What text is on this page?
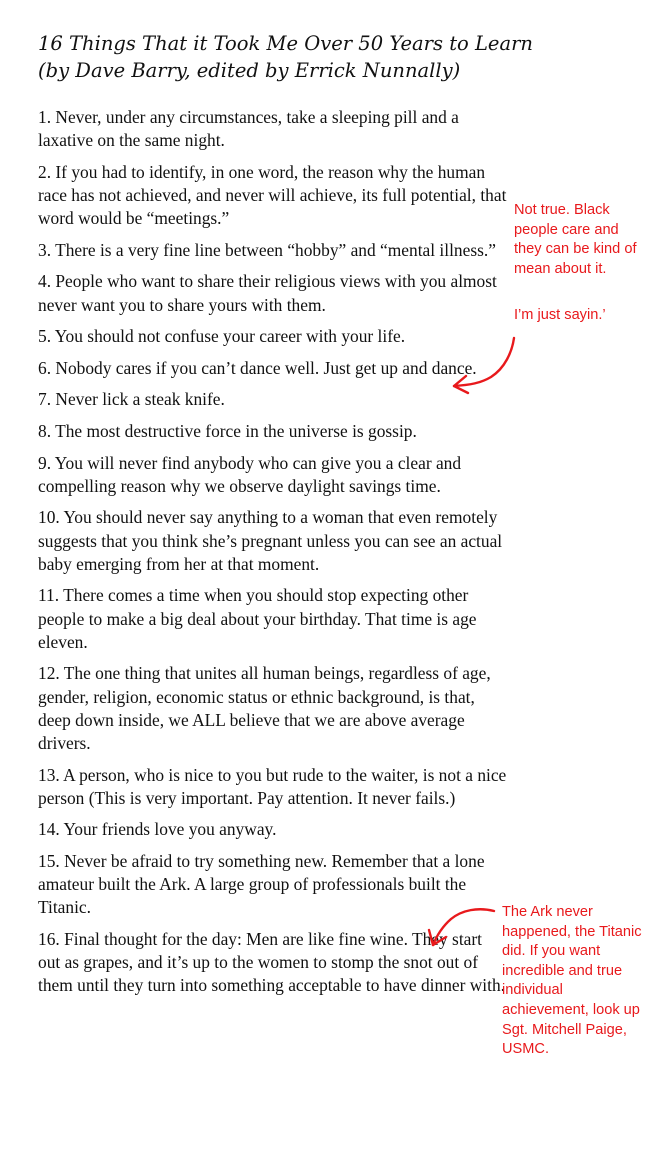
16 Things That it Took Me Over 50 Years to Learn
(by Dave Barry, edited by Errick Nunnally)
1. Never, under any circumstances, take a sleeping pill and a laxative on the same night.
2. If you had to identify, in one word, the reason why the human race has not achieved, and never will achieve, its full potential, that word would be “meetings.”
3. There is a very fine line between “hobby” and “mental illness.”
4. People who want to share their religious views with you almost never want you to share yours with them.
5. You should not confuse your career with your life.
6. Nobody cares if you can’t dance well. Just get up and dance.
7. Never lick a steak knife.
8. The most destructive force in the universe is gossip.
9. You will never find anybody who can give you a clear and compelling reason why we observe daylight savings time.
10. You should never say anything to a woman that even remotely suggests that you think she’s pregnant unless you can see an actual baby emerging from her at that moment.
11. There comes a time when you should stop expecting other people to make a big deal about your birthday. That time is age eleven.
12. The one thing that unites all human beings, regardless of age, gender, religion, economic status or ethnic background, is that, deep down inside, we ALL believe that we are above average drivers.
13. A person, who is nice to you but rude to the waiter, is not a nice person (This is very important. Pay attention. It never fails.)
14. Your friends love you anyway.
15. Never be afraid to try something new. Remember that a lone amateur built the Ark. A large group of professionals built the Titanic.
16. Final thought for the day: Men are like fine wine. They start out as grapes, and it’s up to the women to stomp the snot out of them until they turn into something acceptable to have dinner with.
Not true. Black people care and they can be kind of mean about it.
I’m just sayin.’
The Ark never happened, the Titanic did. If you want incredible and true individual achievement, look up Sgt. Mitchell Paige, USMC.
